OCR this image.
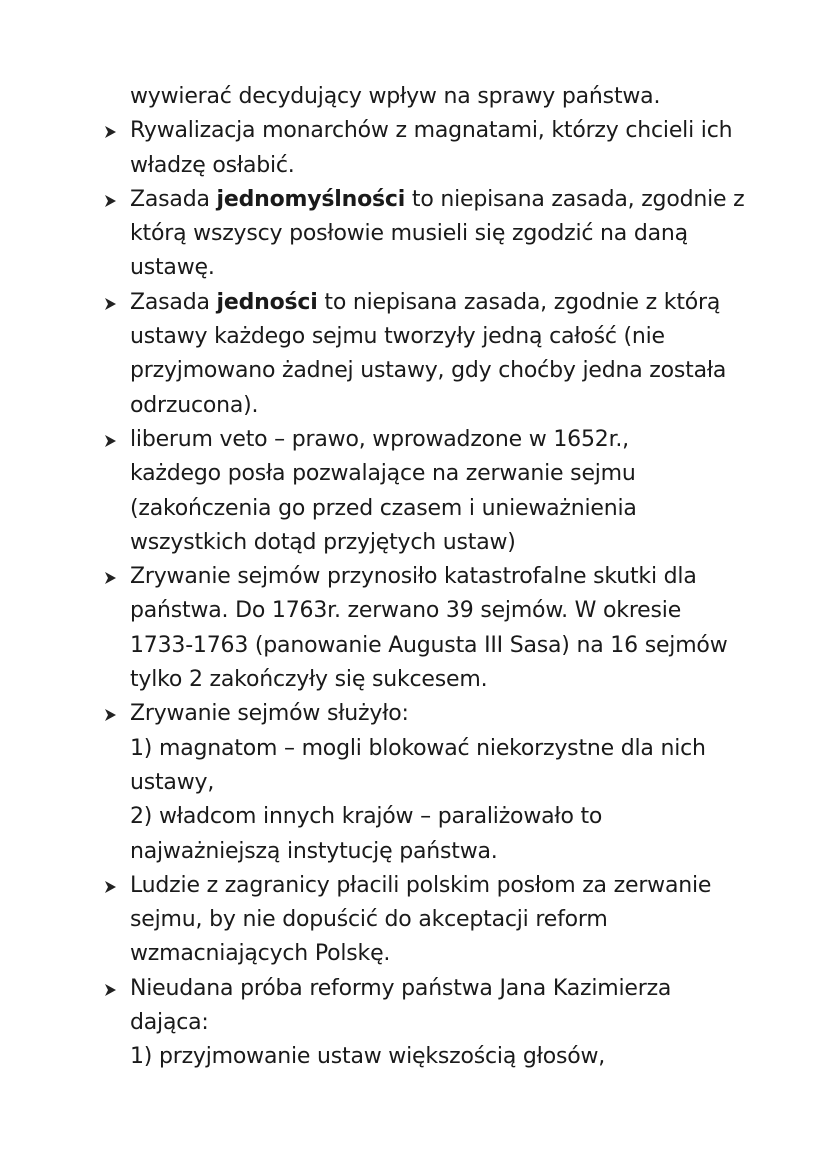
wywierać decydujący wpływ na sprawy państwa.
Rywalizacja monarchów z magnatami, którzy chcieli ich
władzę osłabić.
Zasada jednomyślności to niepisana zasada, zgodnie z
którą wszyscy posłowie musieli się zgodzić na daną
ustawę.
Zasada jedności to niepisana zasada, zgodnie z którą
ustawy każdego sejmu tworzyły jedną całość (nie
przyjmowano żadnej ustawy, gdy choćby jedna została
odrzucona).
liberum veto – prawo, wprowadzone w 1652r.,
każdego posła pozwalające na zerwanie sejmu
(zakończenia go przed czasem i unieważnienia
wszystkich dotąd przyjętych ustaw)
Zrywanie sejmów przynosiło katastrofalne skutki dla
państwa. Do 1763r. zerwano 39 sejmów. W okresie
1733-1763 (panowanie Augusta III Sasa) na 16 sejmów
tylko 2 zakończyły się sukcesem.
Zrywanie sejmów służyło:
1) magnatom – mogli blokować niekorzystne dla nich
ustawy,
2) władcom innych krajów – paraliżowało to
najważniejszą instytucję państwa.
Ludzie z zagranicy płacili polskim posłom za zerwanie
sejmu, by nie dopuścić do akceptacji reform
wzmacniających Polskę.
Nieudana próba reformy państwa Jana Kazimierza
dająca:
1) przyjmowanie ustaw większością głosów,
